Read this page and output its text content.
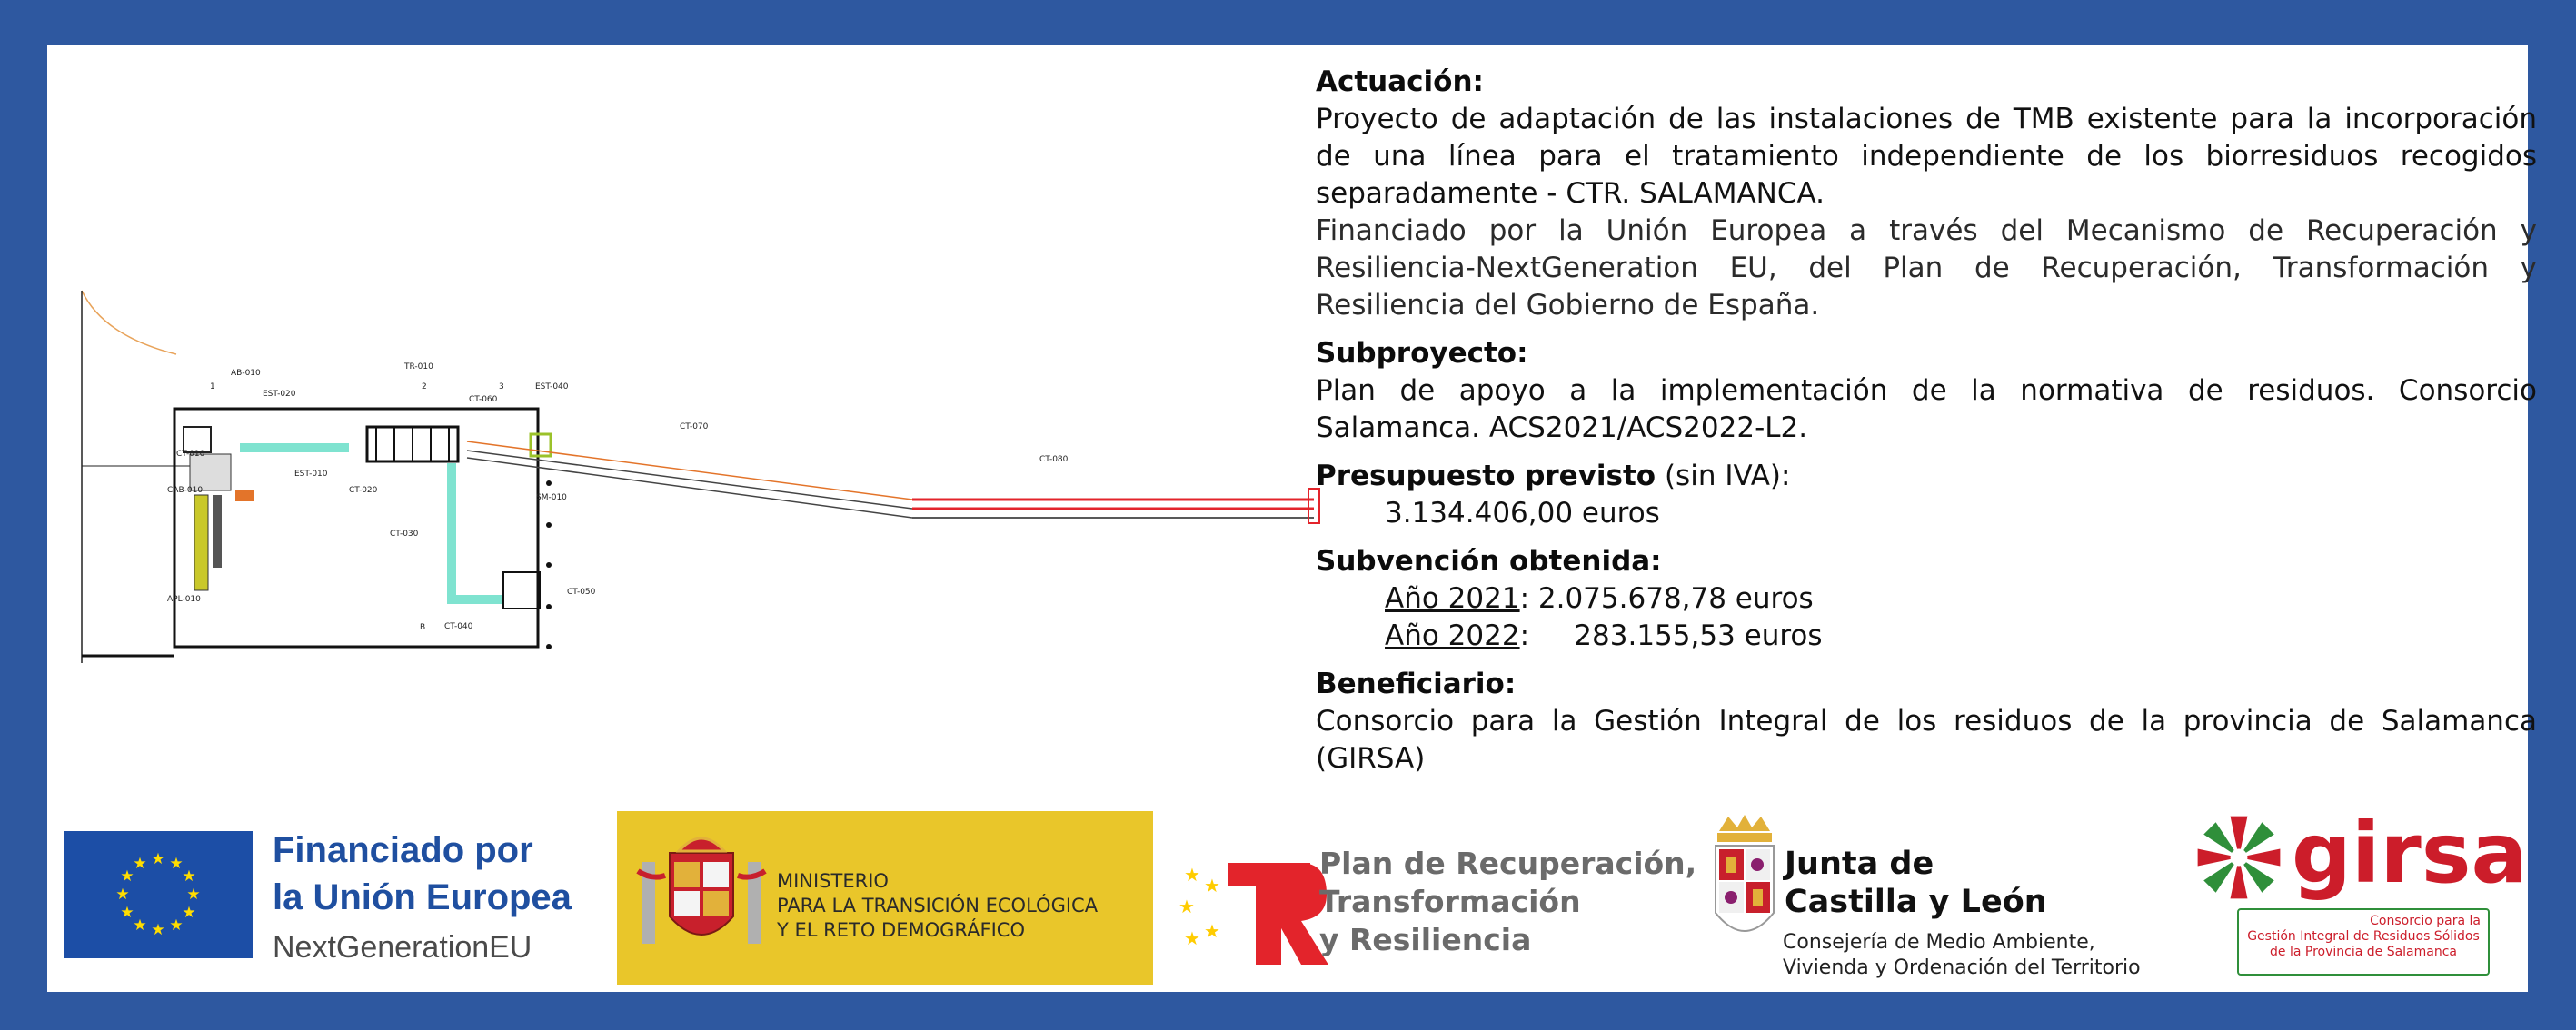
AB-010
EST-020
TR-010
EST-040
CT-060
CT-010
EST-010
CAB-010	CT-020
CT-030
CT-040
CT-050
APL-010
SM-010
CT-070
CT-080
1	2	3
B
Actuación:
Proyecto de adaptación de las instalaciones de TMB existente para la incorporación de una línea para el tratamiento independiente de los biorresiduos recogidos separadamente - CTR. SALAMANCA.
Financiado por la Unión Europea a través del Mecanismo de Recuperación y Resiliencia-NextGeneration EU, del Plan de Recuperación, Transformación y Resiliencia del Gobierno de España.
Subproyecto:
Plan de apoyo a la implementación de la normativa de residuos. Consorcio Salamanca. ACS2021/ACS2022-L2.
Presupuesto previsto (sin IVA):
3.134.406,00 euros
Subvención obtenida:
Año 2021: 2.075.678,78 euros
Año 2022:     283.155,53 euros
Beneficiario:
Consorcio para la Gestión Integral de los residuos de la provincia de Salamanca (GIRSA)
★ ★
★
★
★
★
★
★
★
★
★
★	Financiado por
la Unión Europea
NextGenerationEU
MINISTERIO
PARA LA TRANSICIÓN ECOLÓGICA
Y EL RETO DEMOGRÁFICO
★
★
★
★
★
Plan de Recuperación,
Transformación
y Resiliencia
Junta de
Castilla y León
Consejería de Medio Ambiente,
Vivienda y Ordenación del Territorio
girsa
Consorcio para la
Gestión Integral de Residuos Sólidos
de la Provincia de Salamanca
